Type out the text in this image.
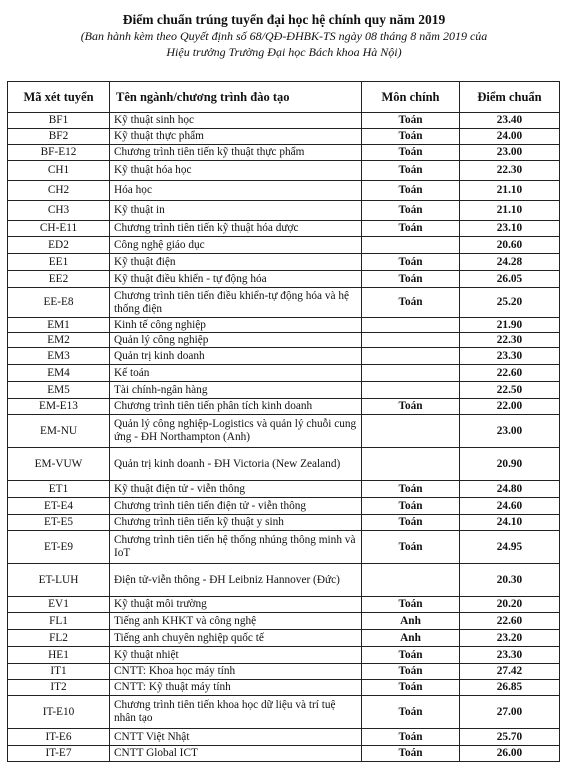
Điểm chuẩn trúng tuyển đại học hệ chính quy năm 2019
(Ban hành kèm theo Quyết định số 68/QĐ-ĐHBK-TS ngày 08 tháng 8 năm 2019 của
Hiệu trưởng Trường Đại học Bách khoa Hà Nội)
Mã xét tuyển	Tên ngành/chương trình đào tạo	Môn chính	Điểm chuẩn
BF1	Kỹ thuật sinh học	Toán	23.40
BF2	Kỹ thuật thực phẩm	Toán	24.00
BF-E12	Chương trình tiên tiến kỹ thuật thực phẩm	Toán	23.00
CH1	Kỹ thuật hóa học	Toán	22.30
CH2	Hóa học	Toán	21.10
CH3	Kỹ thuật in	Toán	21.10
CH-E11	Chương trình tiên tiến kỹ thuật hóa dược	Toán	23.10
ED2	Công nghệ giáo dục		20.60
EE1	Kỹ thuật điện	Toán	24.28
EE2	Kỹ thuật điều khiển - tự động hóa	Toán	26.05
EE-E8	Chương trình tiên tiến điều khiển-tự động hóa và hệ thống điện	Toán	25.20
EM1	Kinh tế công nghiệp		21.90
EM2	Quản lý công nghiệp		22.30
EM3	Quản trị kinh doanh		23.30
EM4	Kế toán		22.60
EM5	Tài chính-ngân hàng		22.50
EM-E13	Chương trình tiên tiến phân tích kinh doanh	Toán	22.00
EM-NU	Quản lý công nghiệp-Logistics và quản lý chuỗi cung ứng - ĐH Northampton (Anh)		23.00
EM-VUW	Quản trị kinh doanh - ĐH Victoria (New Zealand)		20.90
ET1	Kỹ thuật điện tử - viễn thông	Toán	24.80
ET-E4	Chương trình tiên tiến điện tử - viễn thông	Toán	24.60
ET-E5	Chương trình tiên tiến kỹ thuật y sinh	Toán	24.10
ET-E9	Chương trình tiên tiến hệ thống nhúng thông minh và IoT	Toán	24.95
ET-LUH	Điện tử-viễn thông - ĐH Leibniz Hannover (Đức)		20.30
EV1	Kỹ thuật môi trường	Toán	20.20
FL1	Tiếng anh KHKT và công nghệ	Anh	22.60
FL2	Tiếng anh chuyên nghiệp quốc tế	Anh	23.20
HE1	Kỹ thuật nhiệt	Toán	23.30
IT1	CNTT: Khoa học máy tính	Toán	27.42
IT2	CNTT: Kỹ thuật máy tính	Toán	26.85
IT-E10	Chương trình tiên tiến khoa học dữ liệu và trí tuệ nhân tạo	Toán	27.00
IT-E6	CNTT Việt Nhật	Toán	25.70
IT-E7	CNTT Global ICT	Toán	26.00
